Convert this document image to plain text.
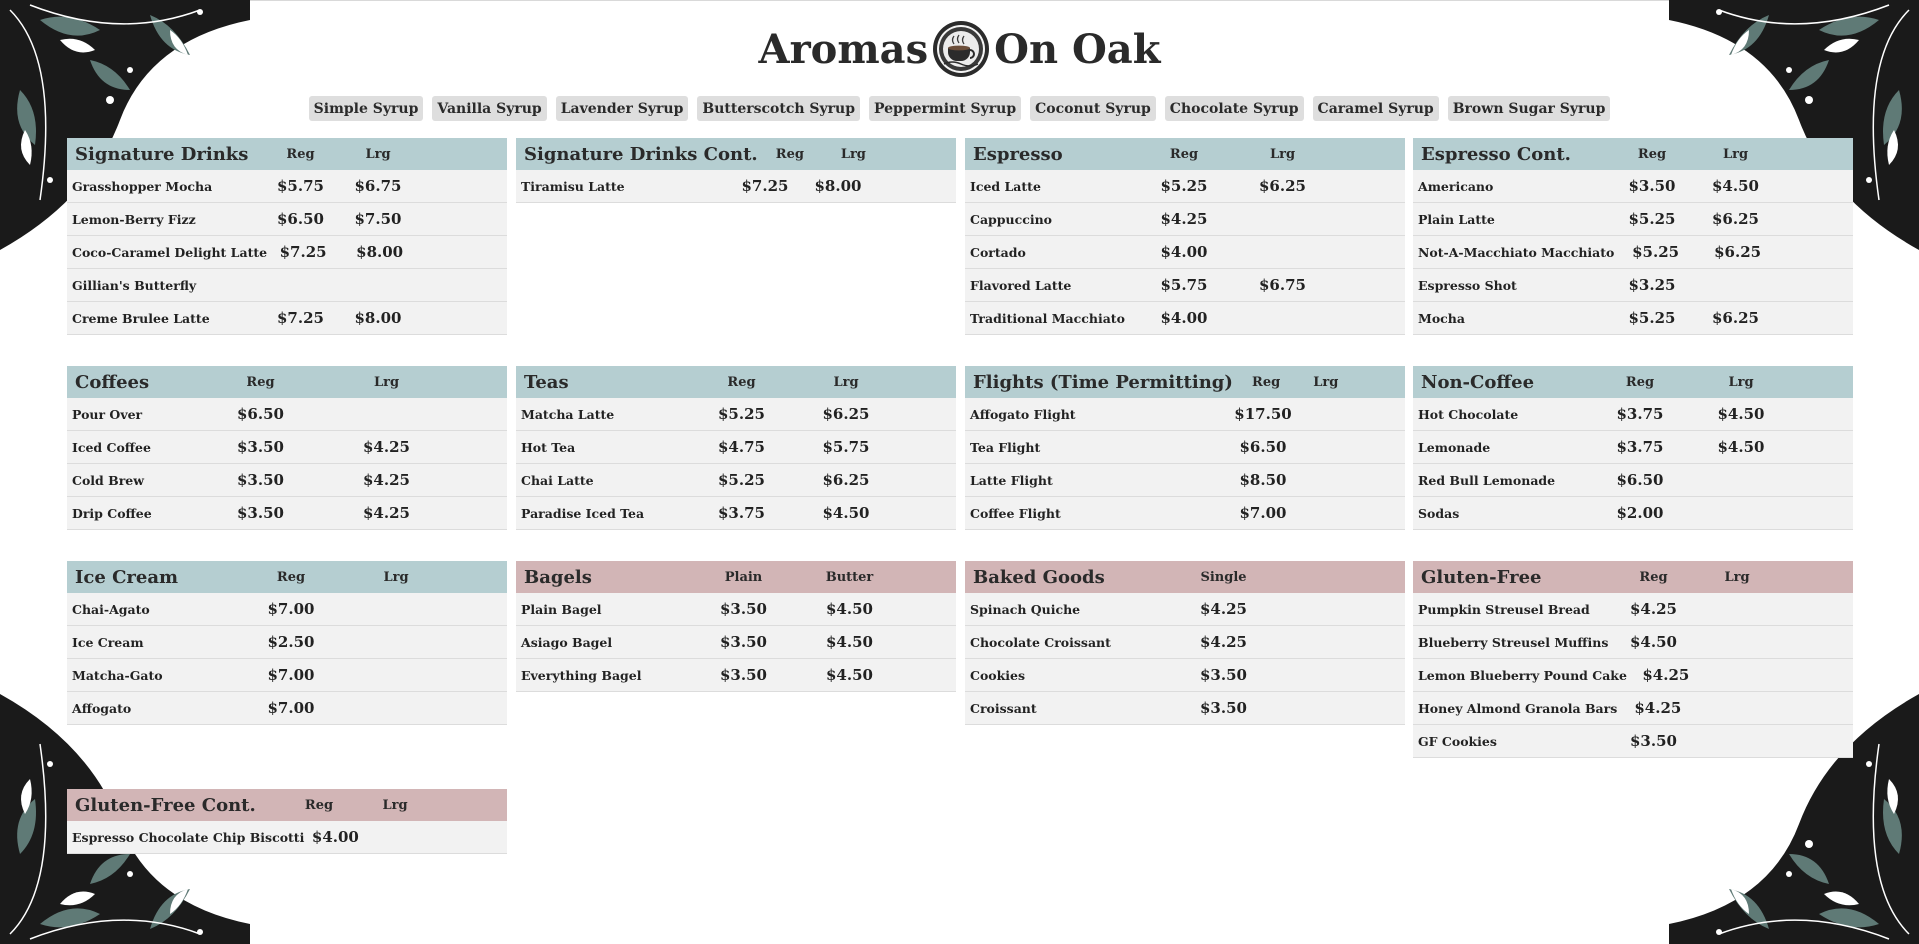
Aromas On Oak
Simple Syrup	Vanilla Syrup	Lavender Syrup	Butterscotch Syrup	Peppermint Syrup	Coconut Syrup	Chocolate Syrup	Caramel Syrup	Brown Sugar Syrup
Signature Drinks	Reg	Lrg
Grasshopper Mocha	$5.75	$6.75
Lemon-Berry Fizz	$6.50	$7.50
Coco-Caramel Delight Latte $7.25	$8.00
Gillian's Butterfly
Creme Brulee Latte	$7.25	$8.00
Signature Drinks Cont.	Reg	Lrg
Tiramisu Latte	$7.25	$8.00
Espresso	Reg	Lrg
Iced Latte	$5.25	$6.25
Cappuccino	$4.25
Cortado	$4.00
Flavored Latte	$5.75	$6.75
Traditional Macchiato	$4.00
Espresso Cont.	Reg	Lrg
Americano	$3.50	$4.50
Plain Latte	$5.25	$6.25
Not-A-Macchiato Macchiato	$5.25	$6.25
Espresso Shot	$3.25
Mocha	$5.25	$6.25
Coffees	Reg	Lrg
Pour Over	$6.50
Iced Coffee	$3.50	$4.25
Cold Brew	$3.50	$4.25
Drip Coffee	$3.50	$4.25
Teas	Reg	Lrg
Matcha Latte	$5.25	$6.25
Hot Tea	$4.75	$5.75
Chai Latte	$5.25	$6.25
Paradise Iced Tea	$3.75	$4.50
Flights (Time Permitting)	Reg	Lrg
Affogato Flight	$17.50
Tea Flight	$6.50
Latte Flight	$8.50
Coffee Flight	$7.00
Non-Coffee	Reg	Lrg
Hot Chocolate	$3.75	$4.50
Lemonade	$3.75	$4.50
Red Bull Lemonade	$6.50
Sodas	$2.00
Ice Cream	Reg	Lrg
Chai-Agato	$7.00
Ice Cream	$2.50
Matcha-Gato	$7.00
Affogato	$7.00
Bagels	Plain	Butter
Plain Bagel	$3.50	$4.50
Asiago Bagel	$3.50	$4.50
Everything Bagel	$3.50	$4.50
Baked Goods	Single
Spinach Quiche	$4.25
Chocolate Croissant	$4.25
Cookies	$3.50
Croissant	$3.50
Gluten-Free	Reg	Lrg
Pumpkin Streusel Bread	$4.25
Blueberry Streusel Muffins	$4.50
Lemon Blueberry Pound Cake	$4.25
Honey Almond Granola Bars	$4.25
GF Cookies	$3.50
Gluten-Free Cont.	Reg	Lrg
Espresso Chocolate Chip Biscotti $4.00
